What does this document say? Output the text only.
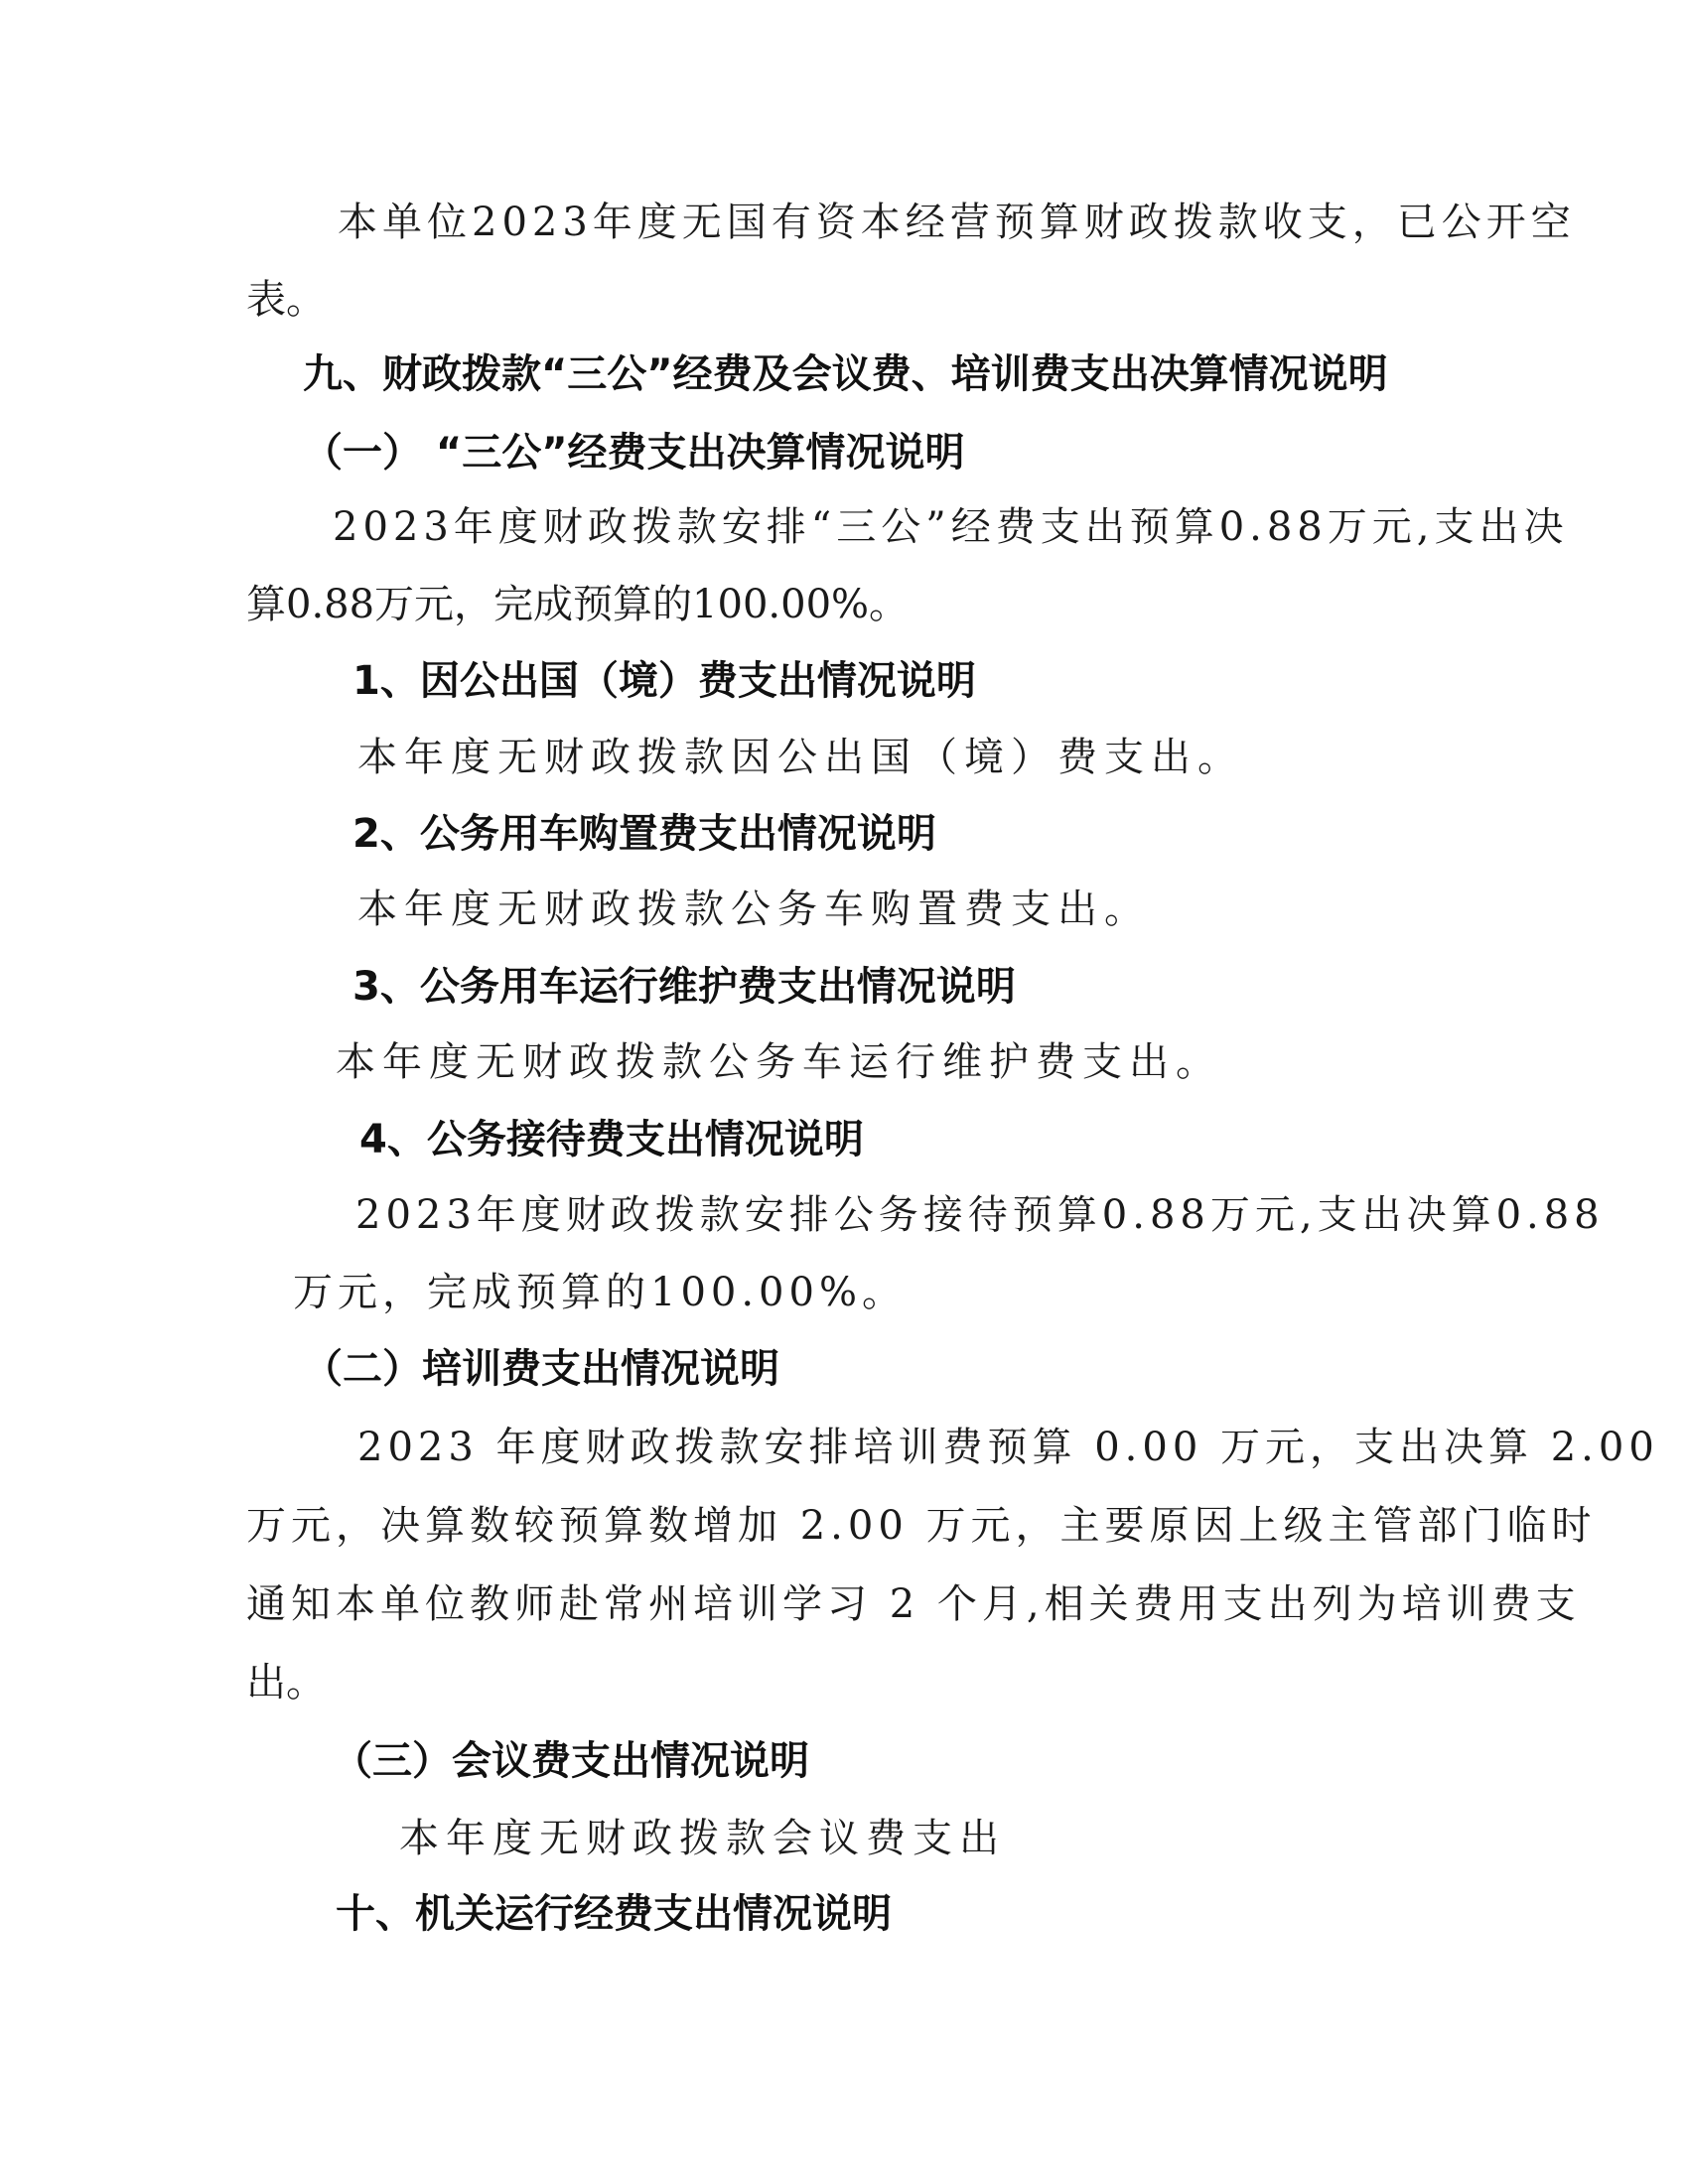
本单位2023年度无国有资本经营预算财政拨款收支，已公开空
表。
九、财政拨款“三公”经费及会议费、培训费支出决算情况说明
（一） “三公”经费支出决算情况说明
2023年度财政拨款安排“三公”经费支出预算0.88万元,支出决
算0.88万元，完成预算的100.00%。
1、因公出国（境）费支出情况说明
本年度无财政拨款因公出国（境）费支出。
2、公务用车购置费支出情况说明
本年度无财政拨款公务车购置费支出。
3、公务用车运行维护费支出情况说明
本年度无财政拨款公务车运行维护费支出。
4、公务接待费支出情况说明
2023年度财政拨款安排公务接待预算0.88万元,支出决算0.88
万元，完成预算的100.00%。
（二）培训费支出情况说明
2023 年度财政拨款安排培训费预算 0.00 万元，支出决算 2.00
万元，决算数较预算数增加 2.00 万元，主要原因上级主管部门临时
通知本单位教师赴常州培训学习 2 个月,相关费用支出列为培训费支
出。
（三）会议费支出情况说明
本年度无财政拨款会议费支出
十、机关运行经费支出情况说明
